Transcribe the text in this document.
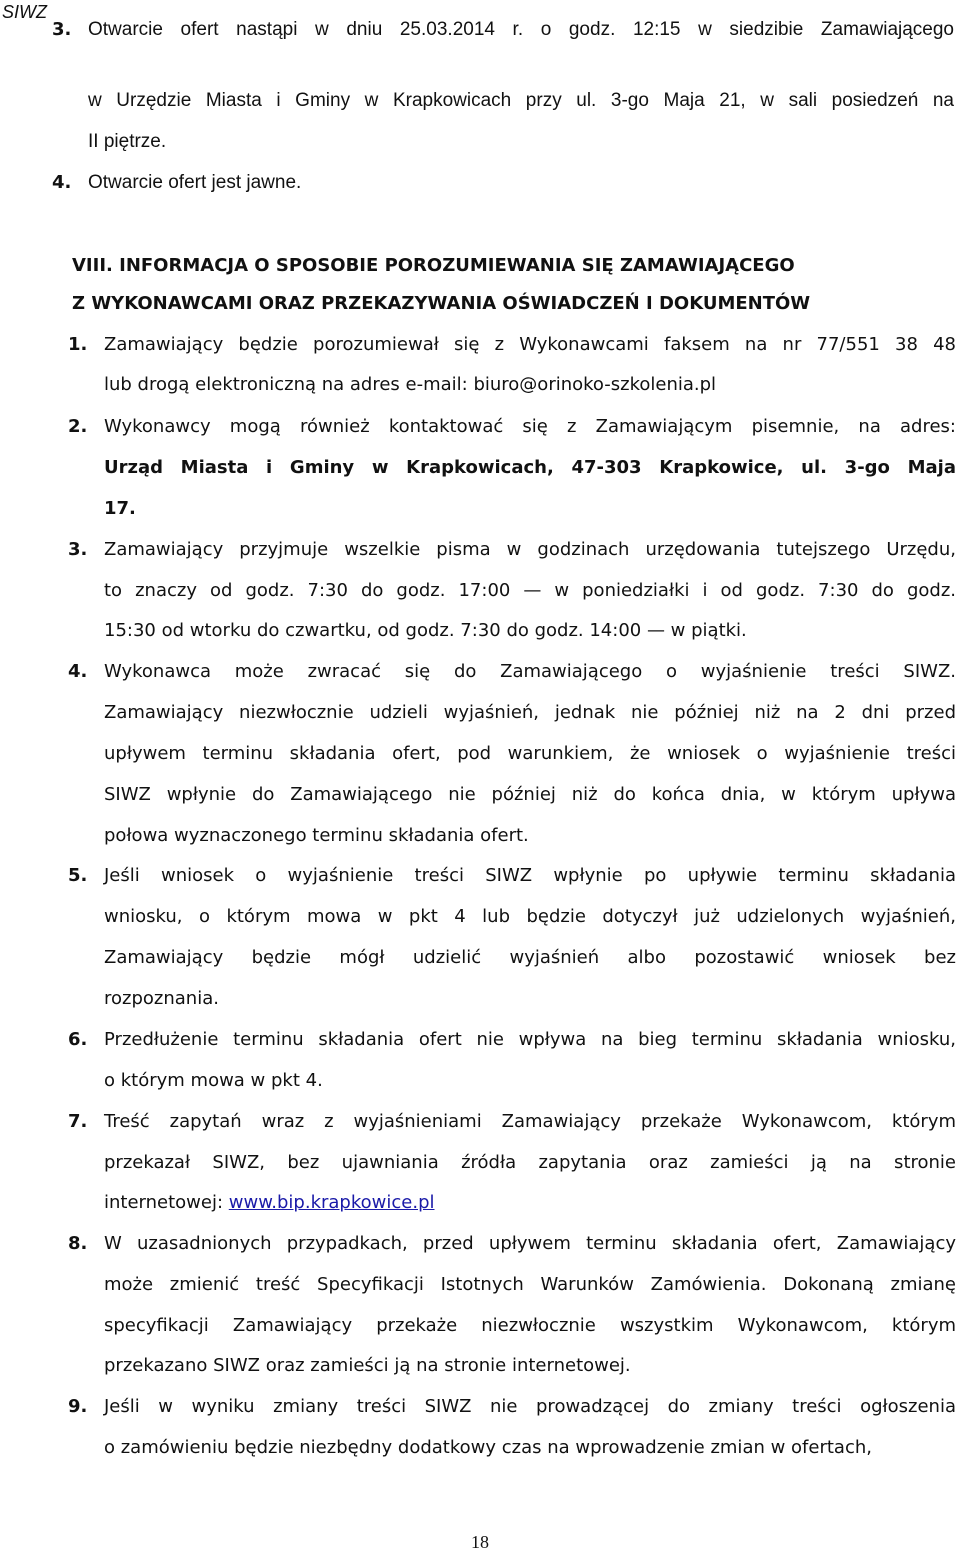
SIWZ
3. Otwarcie ofert nastąpi w dniu 25.03.2014 r. o godz. 12:15 w siedzibie Zamawiającego
w Urzędzie Miasta i Gminy w Krapkowicach przy ul. 3-go Maja 21, w sali posiedzeń na
II piętrze.
4. Otwarcie ofert jest jawne.
VIII. INFORMACJA O SPOSOBIE POROZUMIEWANIA SIĘ ZAMAWIAJĄCEGO
Z WYKONAWCAMI ORAZ PRZEKAZYWANIA OŚWIADCZEŃ I DOKUMENTÓW
1. Zamawiający będzie porozumiewał się z Wykonawcami faksem na nr 77/551 38 48
lub drogą elektroniczną na adres e-mail: biuro@orinoko-szkolenia.pl
2. Wykonawcy mogą również kontaktować się z Zamawiającym pisemnie, na adres:
Urząd Miasta i Gminy w Krapkowicach, 47-303 Krapkowice, ul. 3-go Maja
17.
3. Zamawiający przyjmuje wszelkie pisma w godzinach urzędowania tutejszego Urzędu,
to znaczy od godz. 7:30 do godz. 17:00 — w poniedziałki i od godz. 7:30 do godz.
15:30 od wtorku do czwartku, od godz. 7:30 do godz. 14:00 — w piątki.
4. Wykonawca może zwracać się do Zamawiającego o wyjaśnienie treści SIWZ.
Zamawiający niezwłocznie udzieli wyjaśnień, jednak nie później niż na 2 dni przed
upływem terminu składania ofert, pod warunkiem, że wniosek o wyjaśnienie treści
SIWZ wpłynie do Zamawiającego nie później niż do końca dnia, w którym upływa
połowa wyznaczonego terminu składania ofert.
5. Jeśli wniosek o wyjaśnienie treści SIWZ wpłynie po upływie terminu składania
wniosku, o którym mowa w pkt 4 lub będzie dotyczył już udzielonych wyjaśnień,
Zamawiający będzie mógł udzielić wyjaśnień albo pozostawić wniosek bez
rozpoznania.
6. Przedłużenie terminu składania ofert nie wpływa na bieg terminu składania wniosku,
o którym mowa w pkt 4.
7. Treść zapytań wraz z wyjaśnieniami Zamawiający przekaże Wykonawcom, którym
przekazał SIWZ, bez ujawniania źródła zapytania oraz zamieści ją na stronie
internetowej: www.bip.krapkowice.pl
8. W uzasadnionych przypadkach, przed upływem terminu składania ofert, Zamawiający
może zmienić treść Specyfikacji Istotnych Warunków Zamówienia. Dokonaną zmianę
specyfikacji Zamawiający przekaże niezwłocznie wszystkim Wykonawcom, którym
przekazano SIWZ oraz zamieści ją na stronie internetowej.
9. Jeśli w wyniku zmiany treści SIWZ nie prowadzącej do zmiany treści ogłoszenia
o zamówieniu będzie niezbędny dodatkowy czas na wprowadzenie zmian w ofertach,
18
